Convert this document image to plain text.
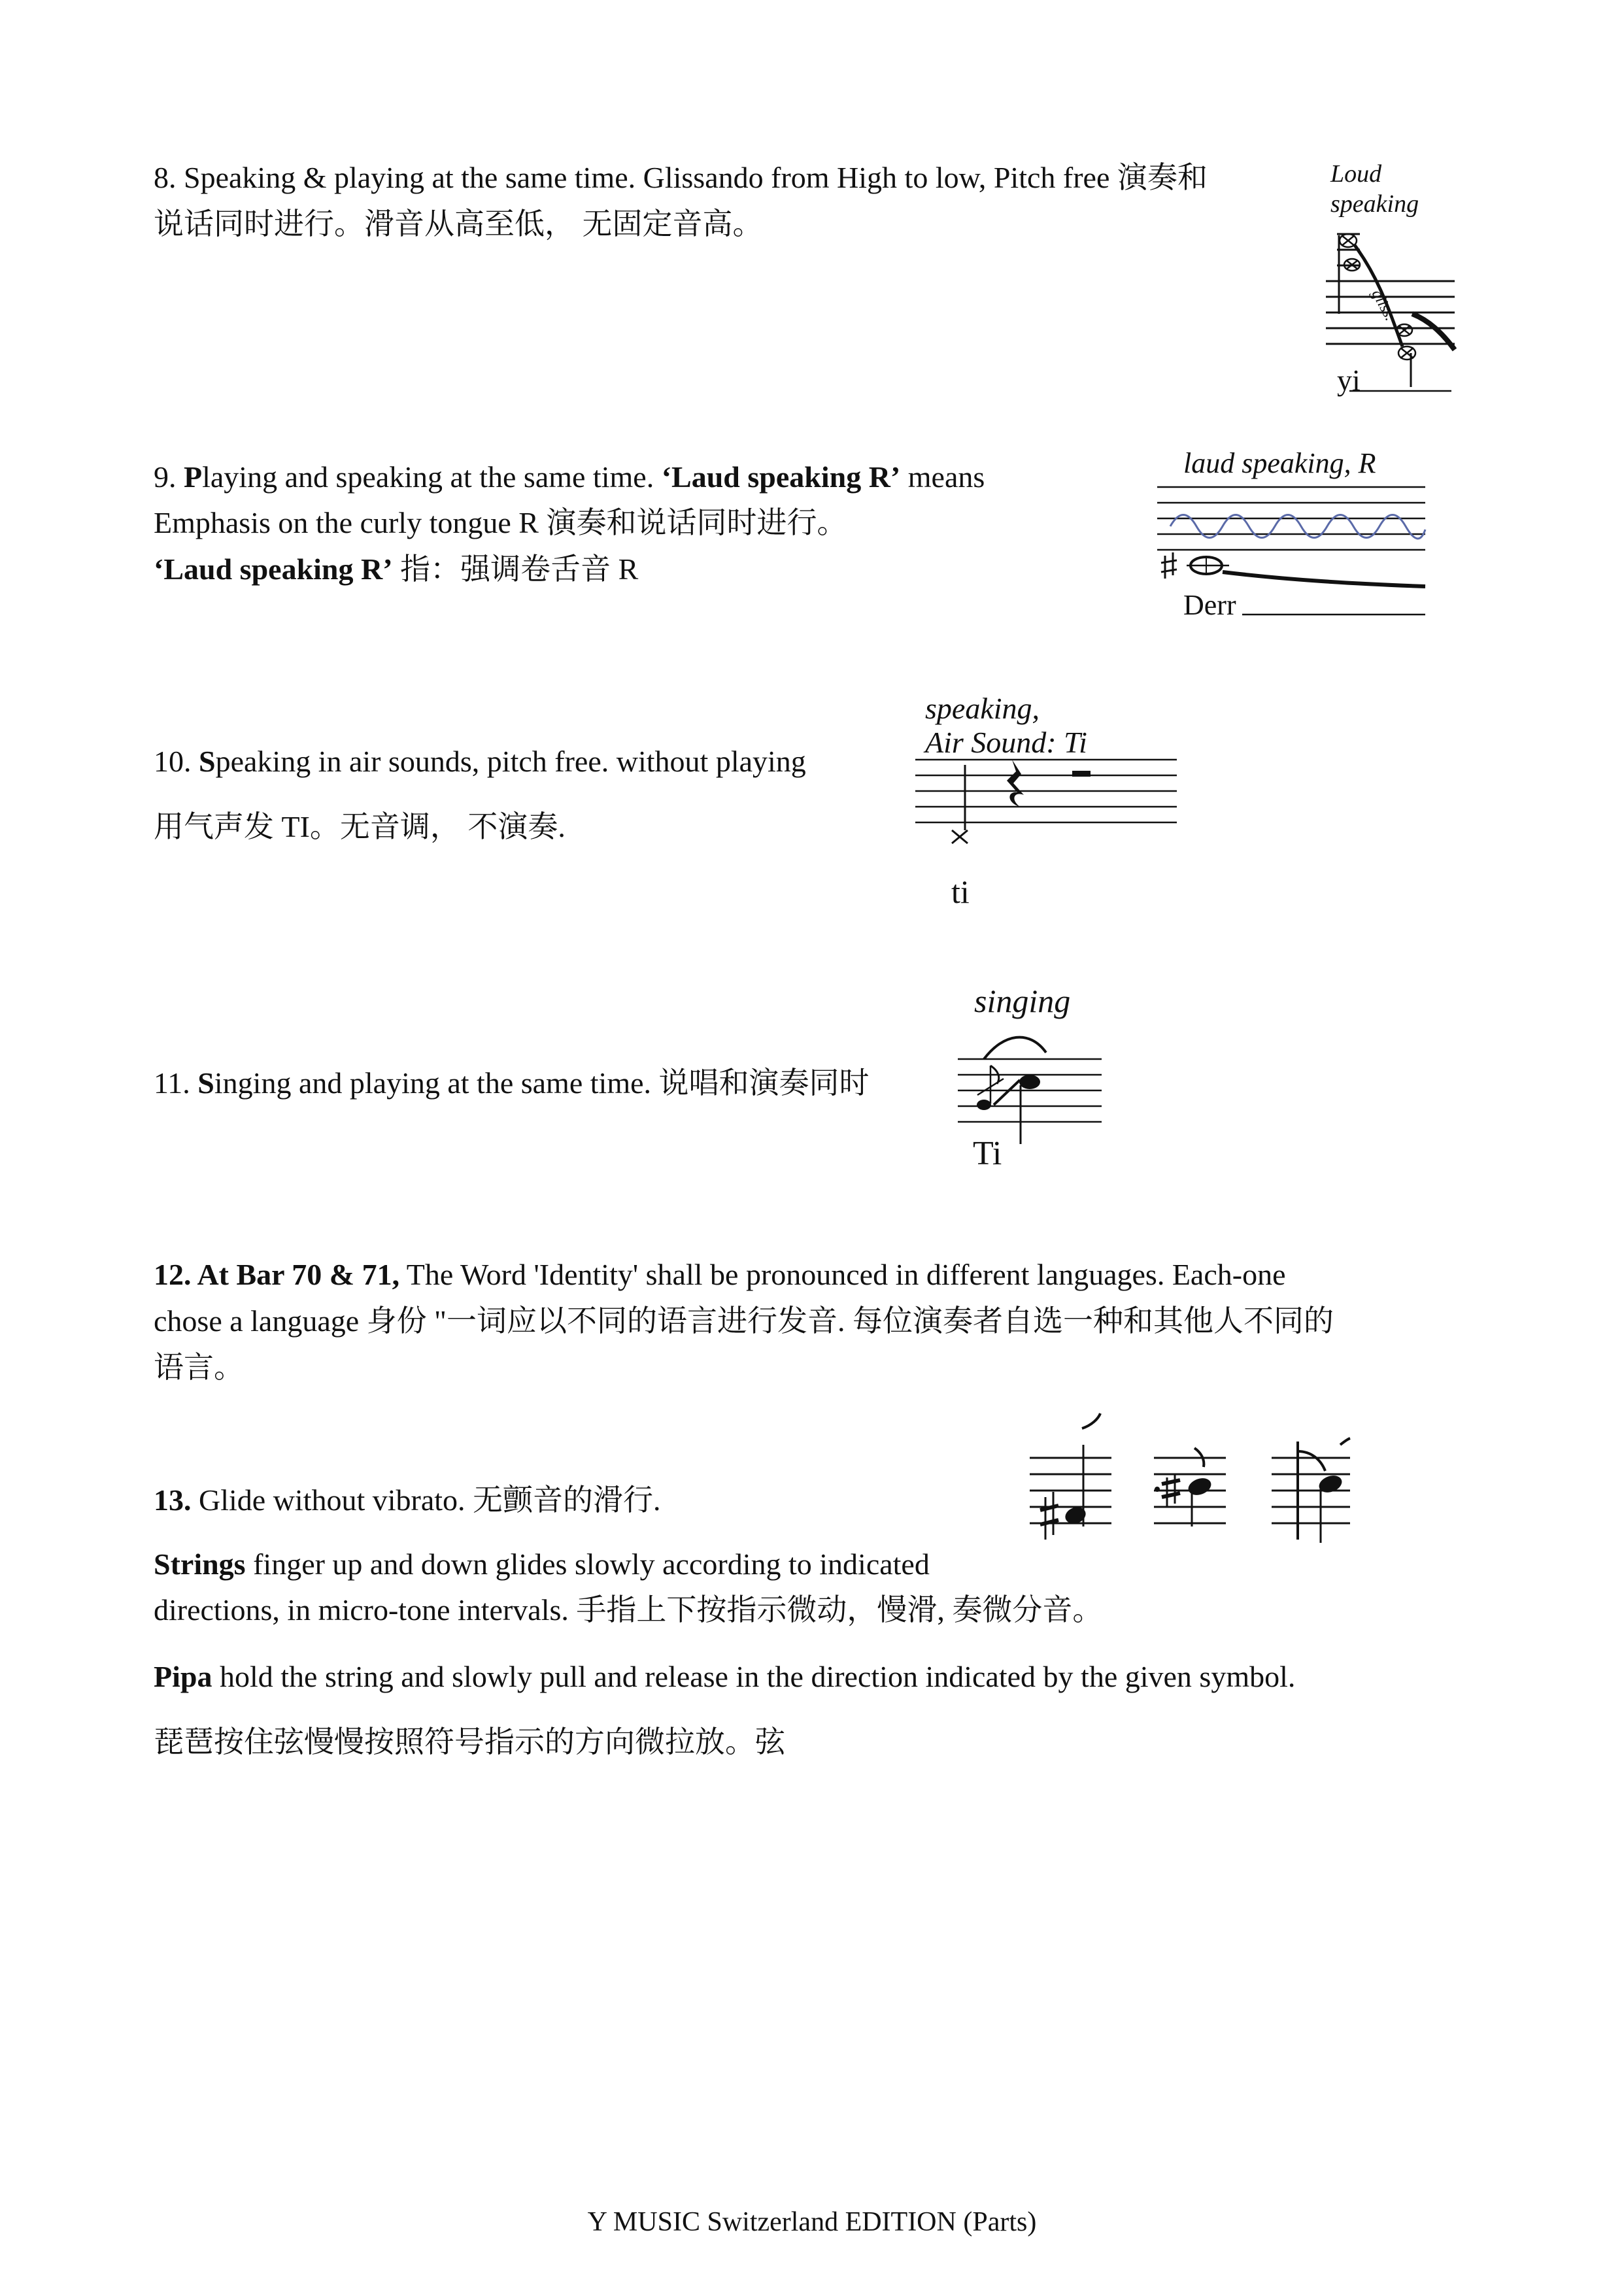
8. Speaking & playing at the same time. Glissando from High to low, Pitch free 演奏和

说话同时进行。滑音从高至低， 无固定音高。

Loud
speaking
gliss.
yi

9. Playing and speaking at the same time. ‘Laud speaking R’ means

Emphasis on the curly tongue R 演奏和说话同时进行。

‘Laud speaking R’ 指：强调卷舌音 R

laud speaking, R
Derr

10. Speaking in air sounds, pitch free. without playing

用气声发 TI。无音调， 不演奏.

speaking,
Air Sound: Ti
ti

11. Singing and playing at the same time. 说唱和演奏同时

singing
Ti

12. At Bar 70 & 71, The Word 'Identity' shall be pronounced in different languages. Each-one

chose a language 身份 "一词应以不同的语言进行发音. 每位演奏者自选一种和其他人不同的

语言。

13. Glide without vibrato. 无颤音的滑行.

Strings finger up and down glides slowly according to indicated

directions, in micro-tone intervals. 手指上下按指示微动，慢滑, 奏微分音。

Pipa hold the string and slowly pull and release in the direction indicated by the given symbol.

琵琶按住弦慢慢按照符号指示的方向微拉放。弦

Y MUSIC Switzerland EDITION (Parts)
